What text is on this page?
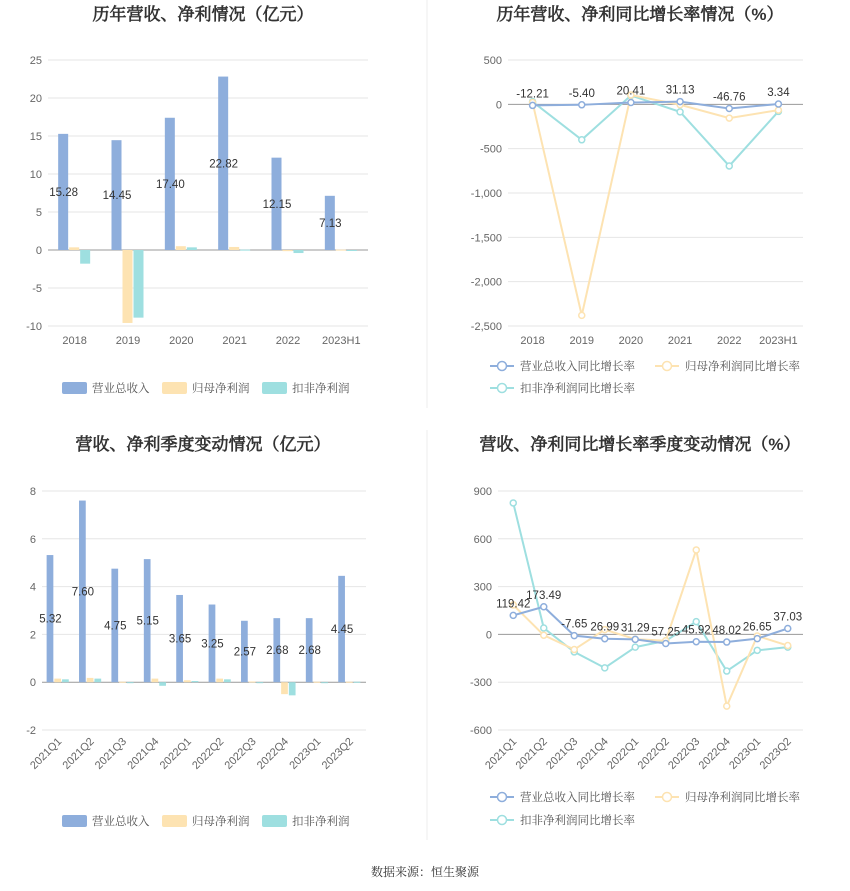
历年营收、净利情况（亿元）
25
20
15
10
5
0
-5
-10
2018	2019	2020	2021	2022 2023H1
15.28 14.45
17.40
22.82
12.15
7.13
营业总收入	归母净利润	扣非净利润
历年营收、净利同比增长率情况（%）
500
0
-500
-1,000
-1,500
-2,000
-2,500
2018 2019 2020 2021 2022 2023H1
-12.21 -5.40 20.41 31.13
-46.76 3.34
营业总收入同比增长率	归母净利润同比增长率
扣非净利润同比增长率
营收、净利季度变动情况（亿元）
8
6
4
2
0
-2
2021Q1
2021Q2
2021Q3
2021Q4
2022Q1
2022Q2
2022Q3
2022Q4
2023Q1
2023Q2
5.32
7.60
4.75 5.15
3.65 3.25
2.57 2.68 2.68
4.45
营业总收入	归母净利润	扣非净利润
营收、净利同比增长率季度变动情况（%）
900
600
300
0
-300
-600
2021Q1
2021Q2
2021Q3
2021Q4
2022Q1
2022Q2
2022Q3
2022Q4
2023Q1
2023Q2
119.42
173.49
-7.65 26.99 31.29 57.25 45.92 48.02 26.65
37.03
营业总收入同比增长率	归母净利润同比增长率
扣非净利润同比增长率
数据来源：恒生聚源
